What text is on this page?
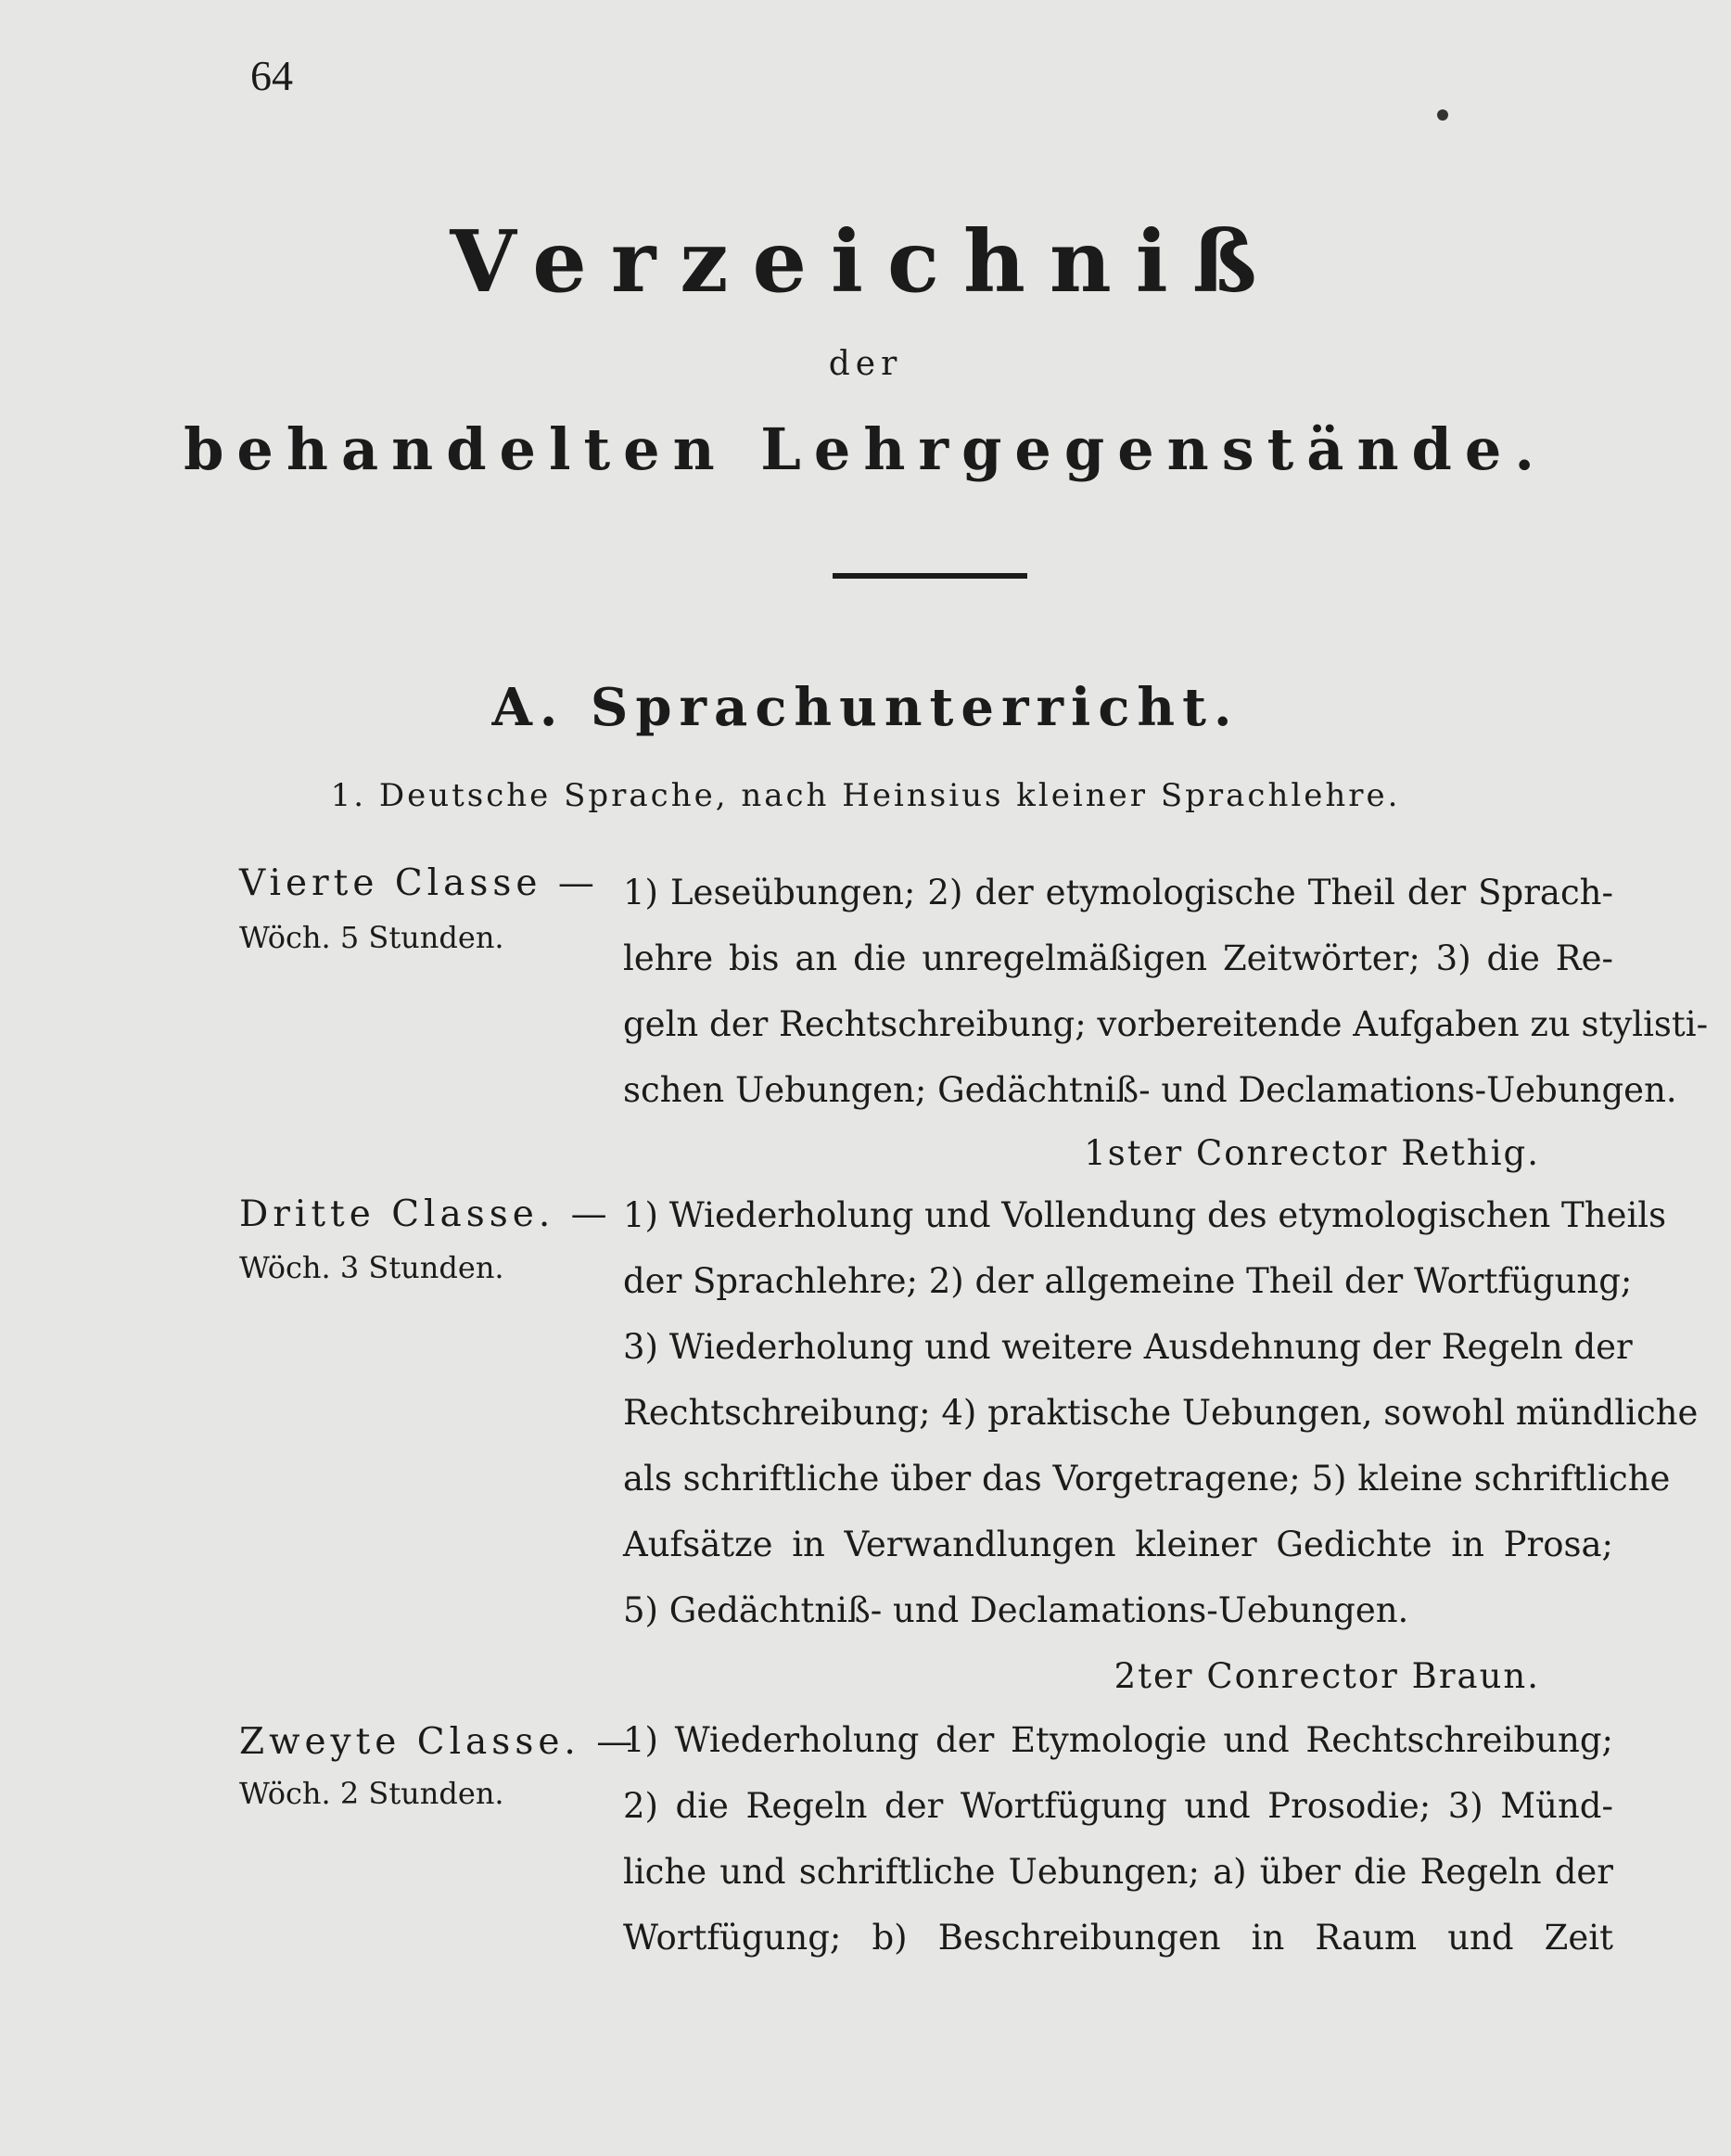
64
Verzeichniß
der
behandelten Lehrgegenstände.
A. Sprachunterricht.
1. Deutsche Sprache, nach Heinsius kleiner Sprachlehre.
Vierte Classe —
Wöch. 5 Stunden.
1) Leseübungen; 2) der etymologische Theil der Sprach-
lehre bis an die unregelmäßigen Zeitwörter; 3) die Re-
geln der Rechtschreibung; vorbereitende Aufgaben zu stylisti-
schen Uebungen; Gedächtniß- und Declamations-Uebungen.
1ster Conrector Rethig.
Dritte Classe. —
Wöch. 3 Stunden.
1) Wiederholung und Vollendung des etymologischen Theils
der Sprachlehre; 2) der allgemeine Theil der Wortfügung;
3) Wiederholung und weitere Ausdehnung der Regeln der
Rechtschreibung; 4) praktische Uebungen, sowohl mündliche
als schriftliche über das Vorgetragene; 5) kleine schriftliche
Aufsätze in Verwandlungen kleiner Gedichte in Prosa;
5) Gedächtniß- und Declamations-Uebungen.
2ter Conrector Braun.
Zweyte Classe. —
Wöch. 2 Stunden.
1) Wiederholung der Etymologie und Rechtschreibung;
2) die Regeln der Wortfügung und Prosodie; 3) Münd-
liche und schriftliche Uebungen; a) über die Regeln der
Wortfügung; b) Beschreibungen in Raum und Zeit
